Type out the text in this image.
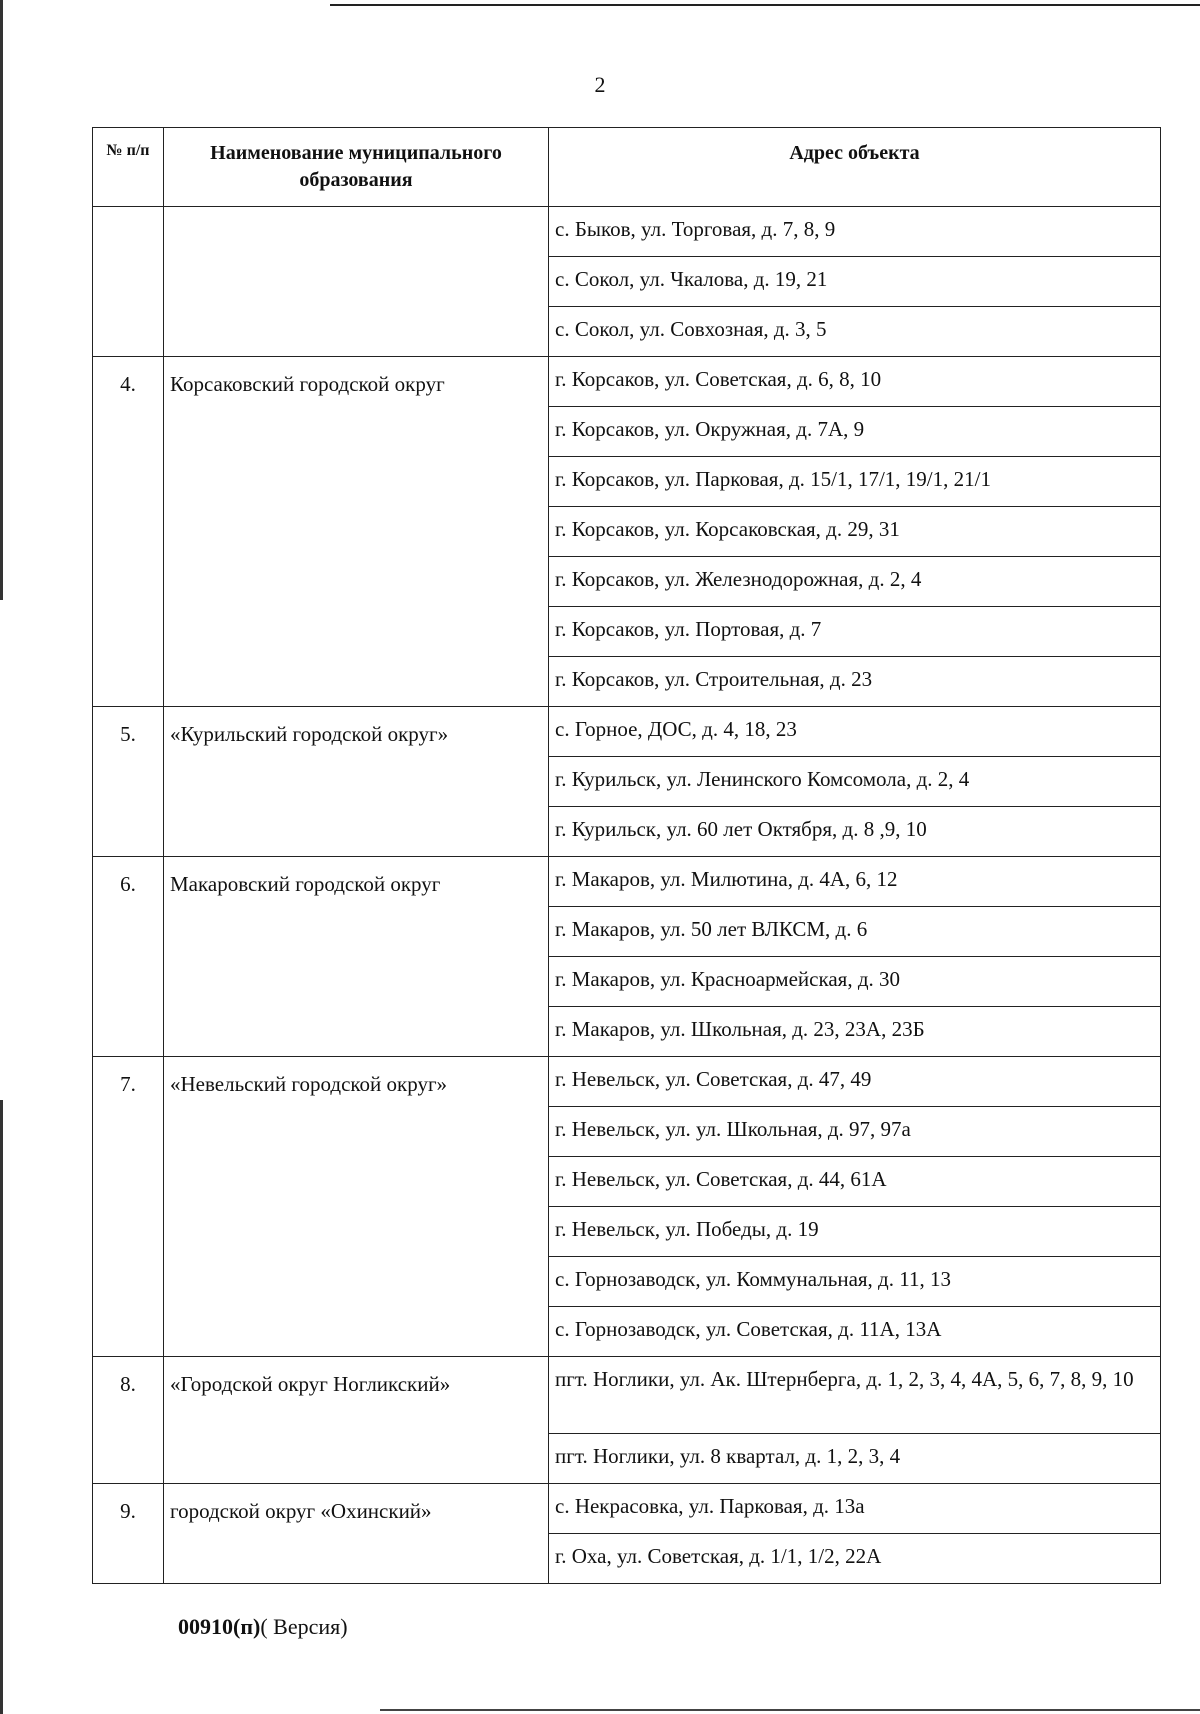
2
№ п/п	Наименование муниципального образования	Адрес объекта
		с. Быков, ул. Торговая, д. 7, 8, 9
		с. Сокол, ул. Чкалова, д. 19, 21
		с. Сокол, ул. Совхозная, д. 3, 5
4.	Корсаковский городской округ	г. Корсаков, ул. Советская, д. 6, 8, 10
		г. Корсаков, ул. Окружная, д. 7А, 9
		г. Корсаков, ул. Парковая, д. 15/1, 17/1, 19/1, 21/1
		г. Корсаков, ул. Корсаковская, д. 29, 31
		г. Корсаков, ул. Железнодорожная, д. 2, 4
		г. Корсаков, ул. Портовая, д. 7
		г. Корсаков, ул. Строительная, д. 23
5.	«Курильский городской округ»	с. Горное, ДОС, д. 4, 18, 23
		г. Курильск, ул. Ленинского Комсомола, д. 2, 4
		г. Курильск, ул. 60 лет Октября, д. 8 ,9, 10
6.	Макаровский городской округ	г. Макаров, ул. Милютина, д. 4А, 6, 12
		г. Макаров, ул. 50 лет ВЛКСМ, д. 6
		г. Макаров, ул. Красноармейская, д. 30
		г. Макаров, ул. Школьная, д. 23, 23А, 23Б
7.	«Невельский городской округ»	г. Невельск, ул. Советская, д. 47, 49
		г. Невельск, ул. ул. Школьная, д. 97, 97а
		г. Невельск, ул. Советская, д. 44, 61А
		г. Невельск, ул. Победы, д. 19
		с. Горнозаводск, ул. Коммунальная, д. 11, 13
		с. Горнозаводск, ул. Советская, д. 11А, 13А
8.	«Городской округ Ногликский»	пгт. Ноглики, ул. Ак. Штернберга, д. 1, 2, 3, 4, 4А, 5, 6, 7, 8, 9, 10
		пгт. Ноглики, ул. 8 квартал, д. 1, 2, 3, 4
9.	городской округ «Охинский»	с. Некрасовка, ул. Парковая, д. 13а
		г. Оха, ул. Советская, д. 1/1, 1/2, 22А
00910(п)( Версия)
